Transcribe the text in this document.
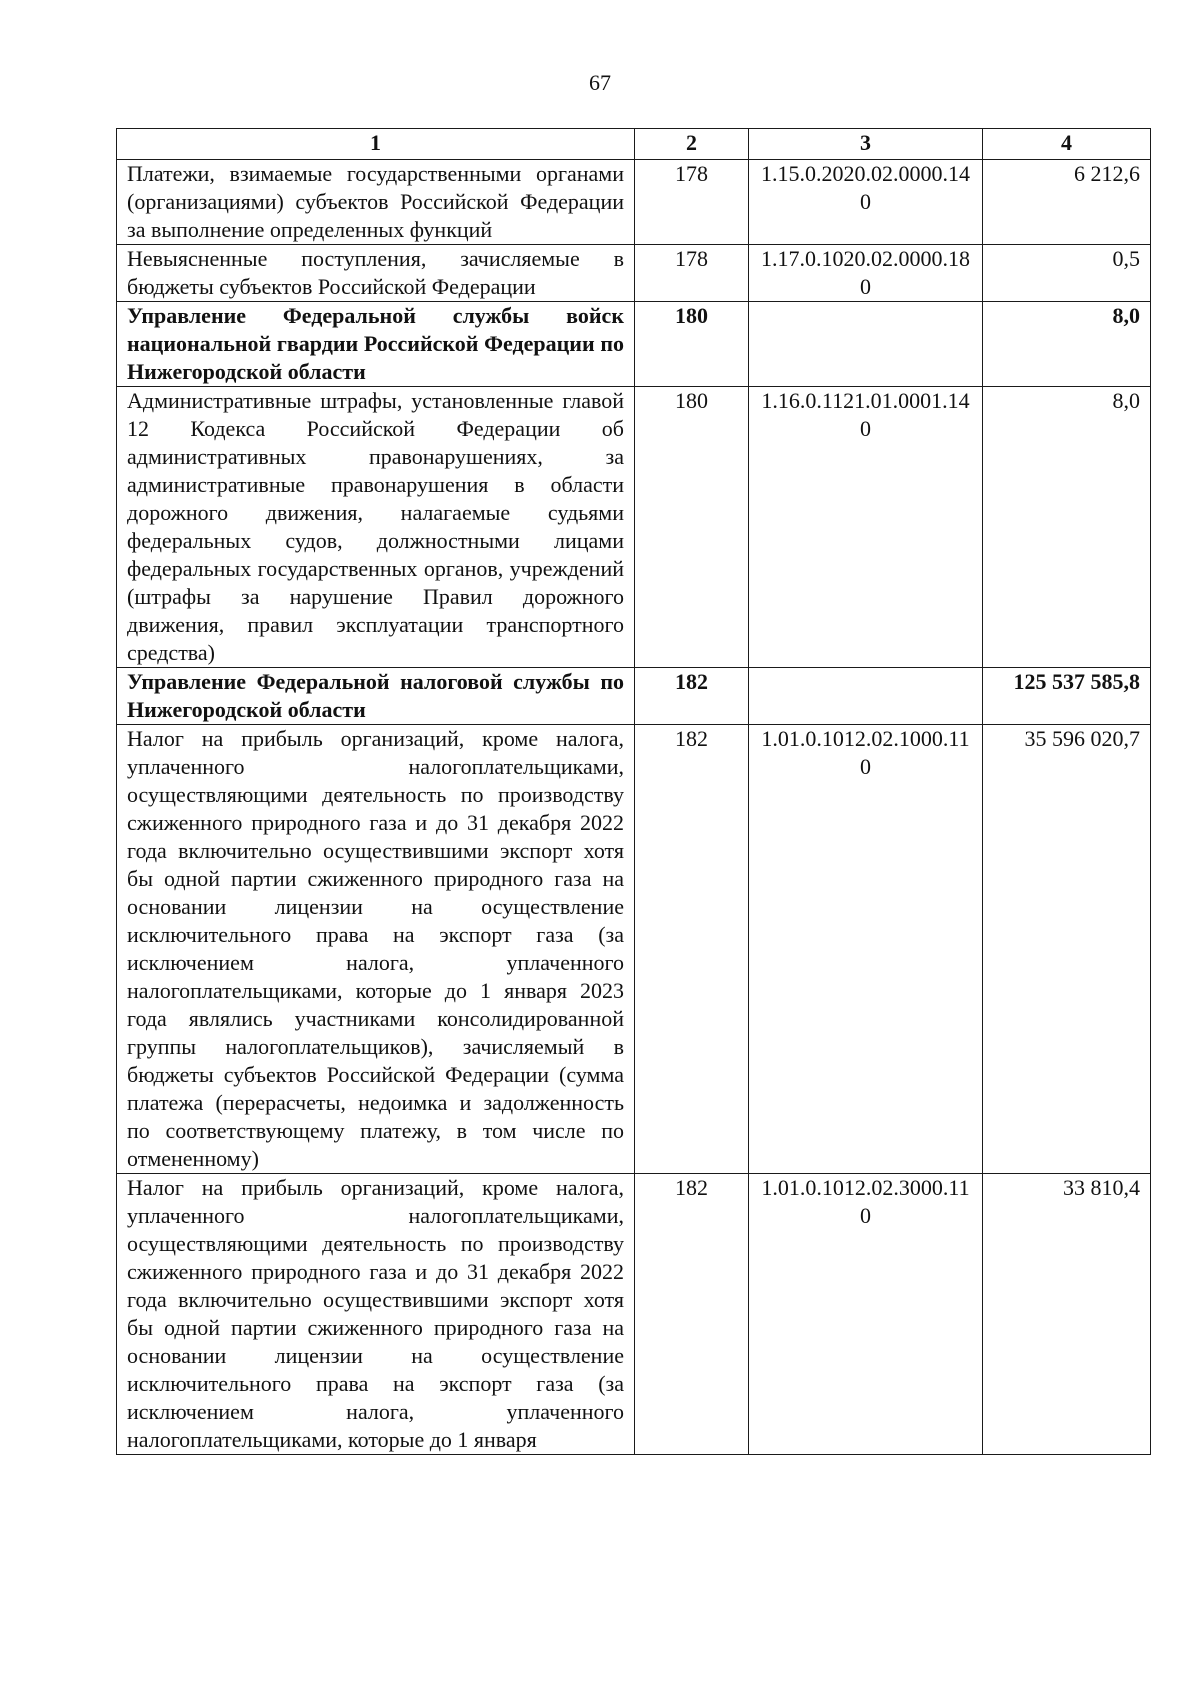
67
1	2	3	4
Платежи, взимаемые государственными органами (организациями) субъектов Российской Федерации за выполнение определенных функций	178	1.15.0.2020.02.0000.140	6 212,6
Невыясненные поступления, зачисляемые в бюджеты субъектов Российской Федерации	178	1.17.0.1020.02.0000.180	0,5
Управление Федеральной службы войск национальной гвардии Российской Федерации по Нижегородской области	180		8,0
Административные штрафы, установленные главой 12 Кодекса Российской Федерации об административных правонарушениях, за административные правонарушения в области дорожного движения, налагаемые судьями федеральных судов, должностными лицами федеральных государственных органов, учреждений (штрафы за нарушение Правил дорожного движения, правил эксплуатации транспортного средства)	180	1.16.0.1121.01.0001.140	8,0
Управление Федеральной налоговой службы по Нижегородской области	182		125 537 585,8
Налог на прибыль организаций, кроме налога, уплаченного налогоплательщиками, осуществляющими деятельность по производству сжиженного природного газа и до 31 декабря 2022 года включительно осуществившими экспорт хотя бы одной партии сжиженного природного газа на основании лицензии на осуществление исключительного права на экспорт газа (за исключением налога, уплаченного налогоплательщиками, которые до 1 января 2023 года являлись участниками консолидированной группы налогоплательщиков), зачисляемый в бюджеты субъектов Российской Федерации (сумма платежа (перерасчеты, недоимка и задолженность по соответствующему платежу, в том числе по отмененному)	182	1.01.0.1012.02.1000.110	35 596 020,7
Налог на прибыль организаций, кроме налога, уплаченного налогоплательщиками, осуществляющими деятельность по производству сжиженного природного газа и до 31 декабря 2022 года включительно осуществившими экспорт хотя бы одной партии сжиженного природного газа на основании лицензии на осуществление исключительного права на экспорт газа (за исключением налога, уплаченного налогоплательщиками, которые до 1 января	182	1.01.0.1012.02.3000.110	33 810,4
